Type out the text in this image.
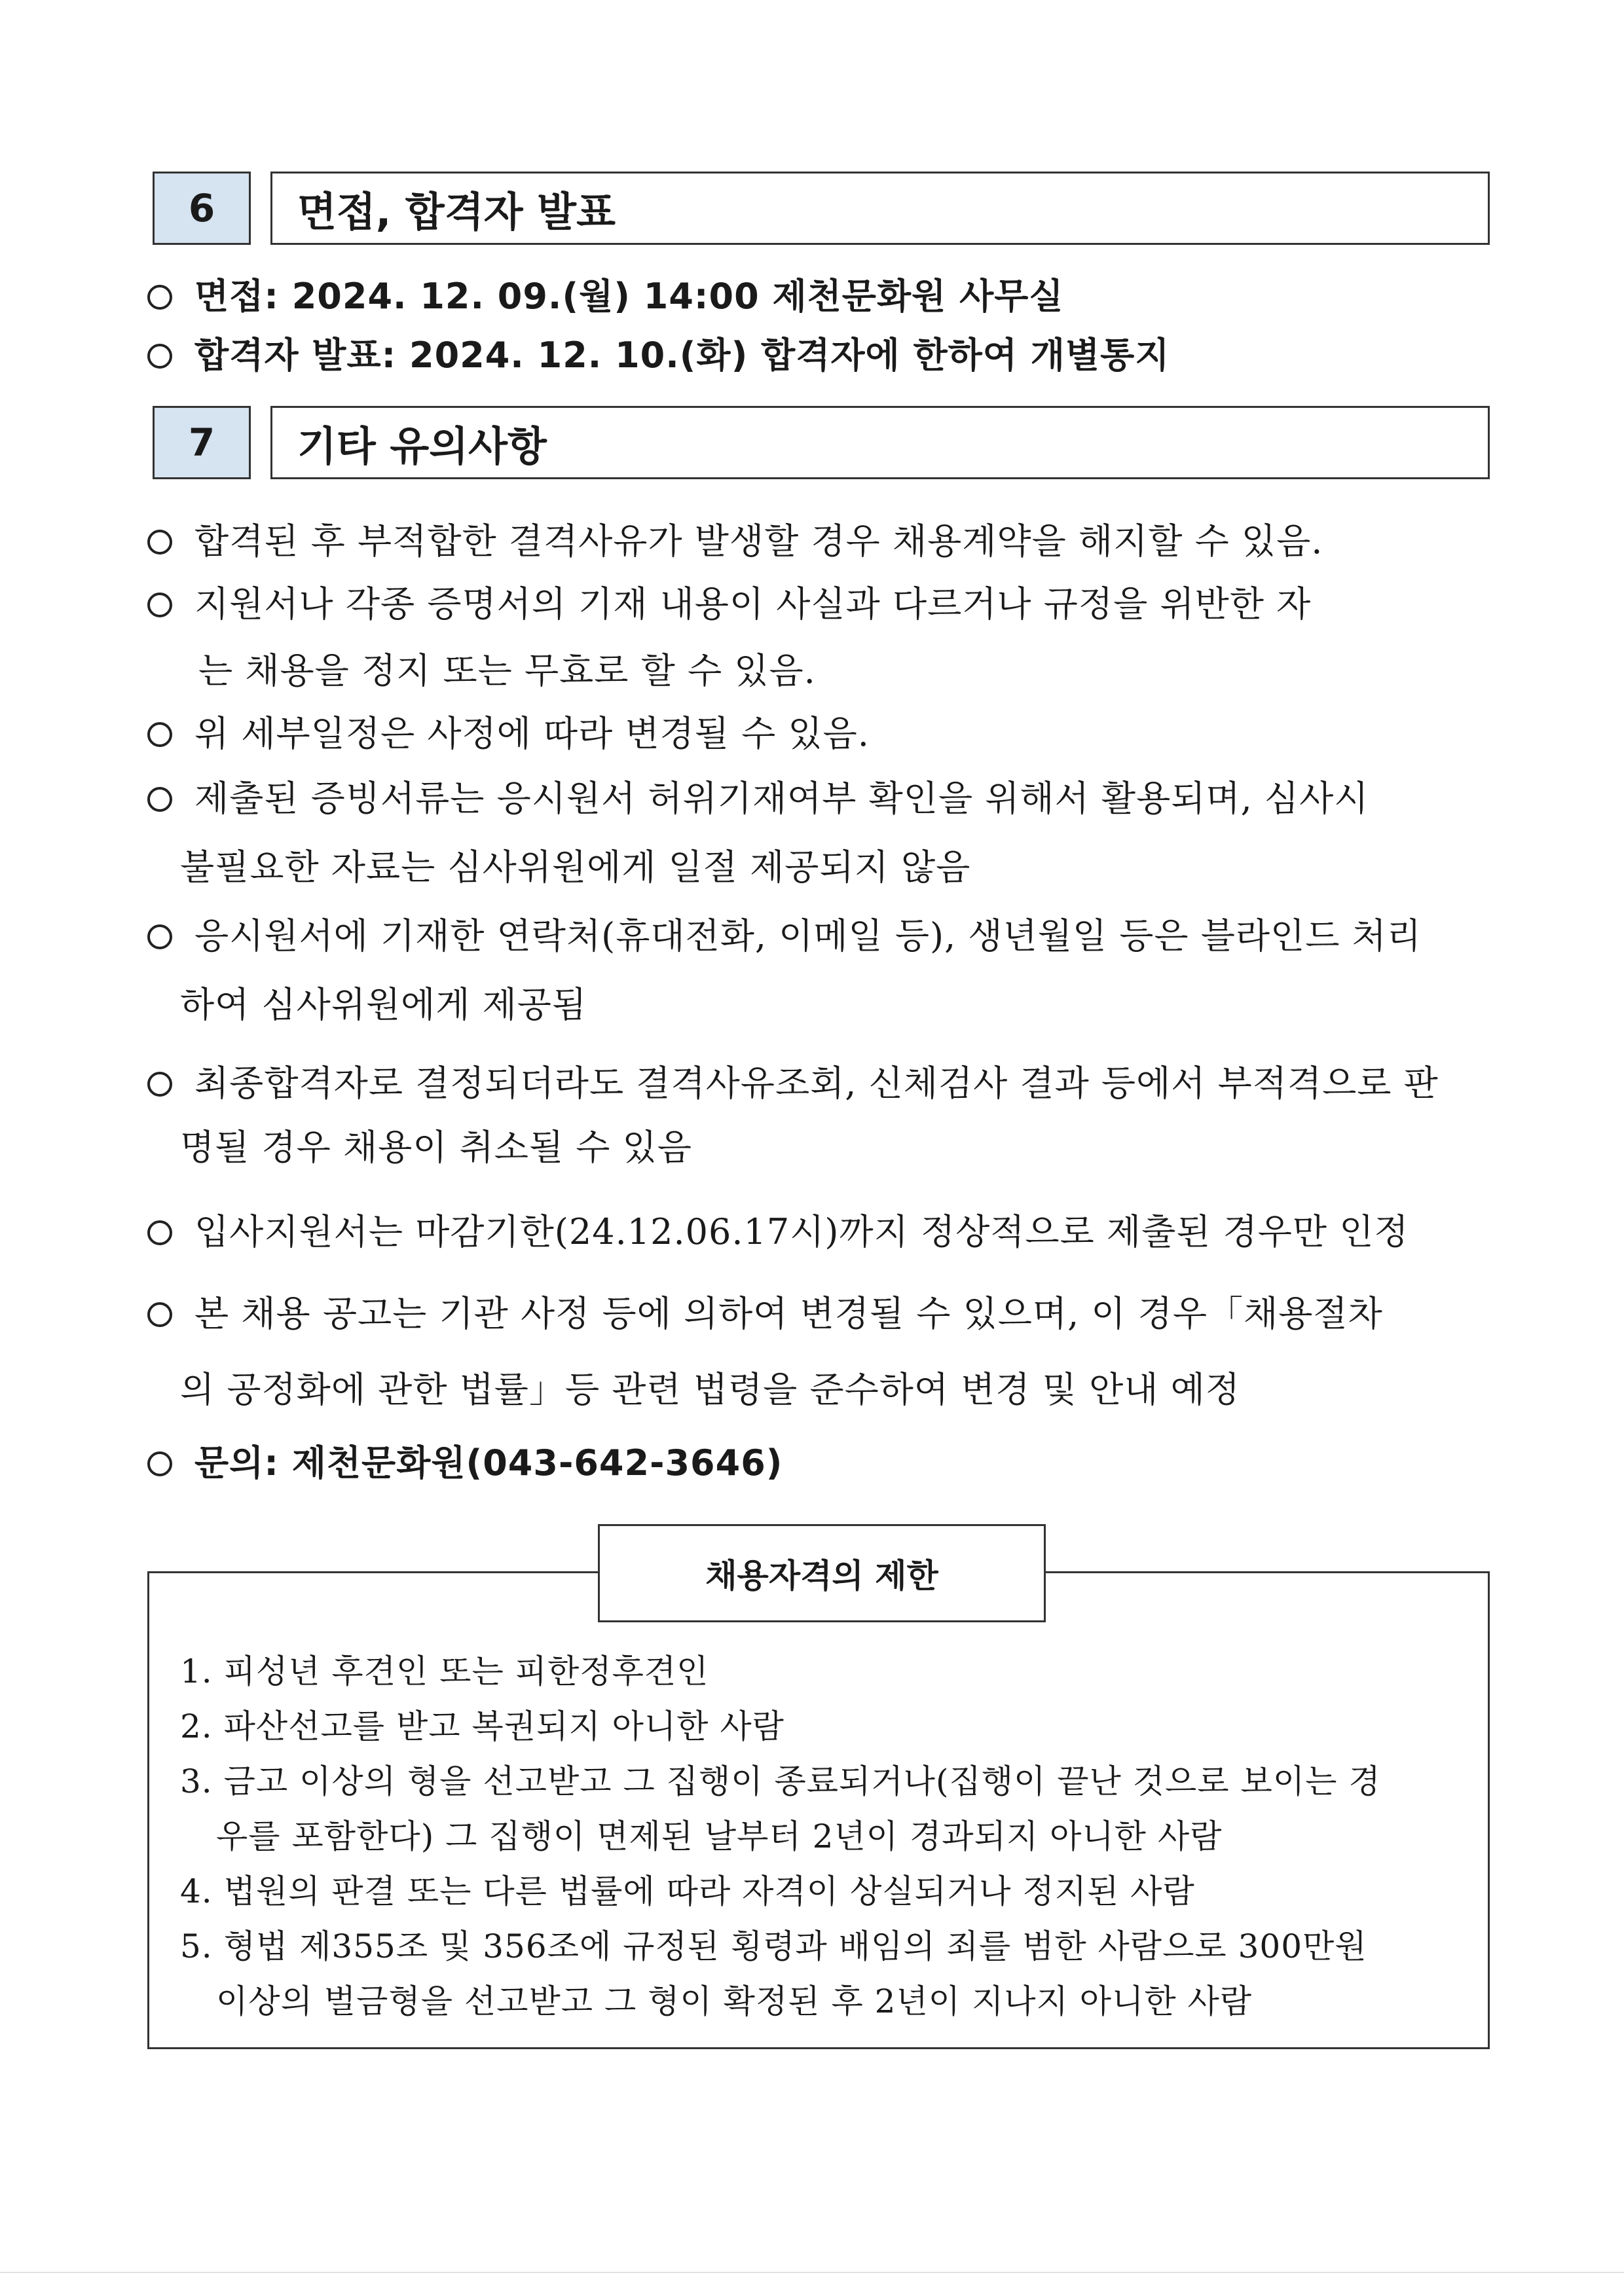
6	면접, 합격자 발표
면접: 2024. 12. 09.(월) 14:00 제천문화원 사무실
합격자 발표: 2024. 12. 10.(화) 합격자에 한하여 개별통지
7	기타 유의사항
합격된 후 부적합한 결격사유가 발생할 경우 채용계약을 해지할 수 있음.
지원서나 각종 증명서의 기재 내용이 사실과 다르거나 규정을 위반한 자
는 채용을 정지 또는 무효로 할 수 있음.
위 세부일정은 사정에 따라 변경될 수 있음.
제출된 증빙서류는 응시원서 허위기재여부 확인을 위해서 활용되며, 심사시
불필요한 자료는 심사위원에게 일절 제공되지 않음
응시원서에 기재한 연락처(휴대전화, 이메일 등), 생년월일 등은 블라인드 처리
하여 심사위원에게 제공됨
최종합격자로 결정되더라도 결격사유조회, 신체검사 결과 등에서 부적격으로 판
명될 경우 채용이 취소될 수 있음
입사지원서는 마감기한(24.12.06.17시)까지 정상적으로 제출된 경우만 인정
본 채용 공고는 기관 사정 등에 의하여 변경될 수 있으며, 이 경우「채용절차
의 공정화에 관한 법률」등 관련 법령을 준수하여 변경 및 안내 예정
문의: 제천문화원(043-642-3646)
채용자격의 제한
1. 피성년 후견인 또는 피한정후견인
2. 파산선고를 받고 복권되지 아니한 사람
3. 금고 이상의 형을 선고받고 그 집행이 종료되거나(집행이 끝난 것으로 보이는 경
우를 포함한다) 그 집행이 면제된 날부터 2년이 경과되지 아니한 사람
4. 법원의 판결 또는 다른 법률에 따라 자격이 상실되거나 정지된 사람
5. 형법 제355조 및 356조에 규정된 횡령과 배임의 죄를 범한 사람으로 300만원
이상의 벌금형을 선고받고 그 형이 확정된 후 2년이 지나지 아니한 사람
